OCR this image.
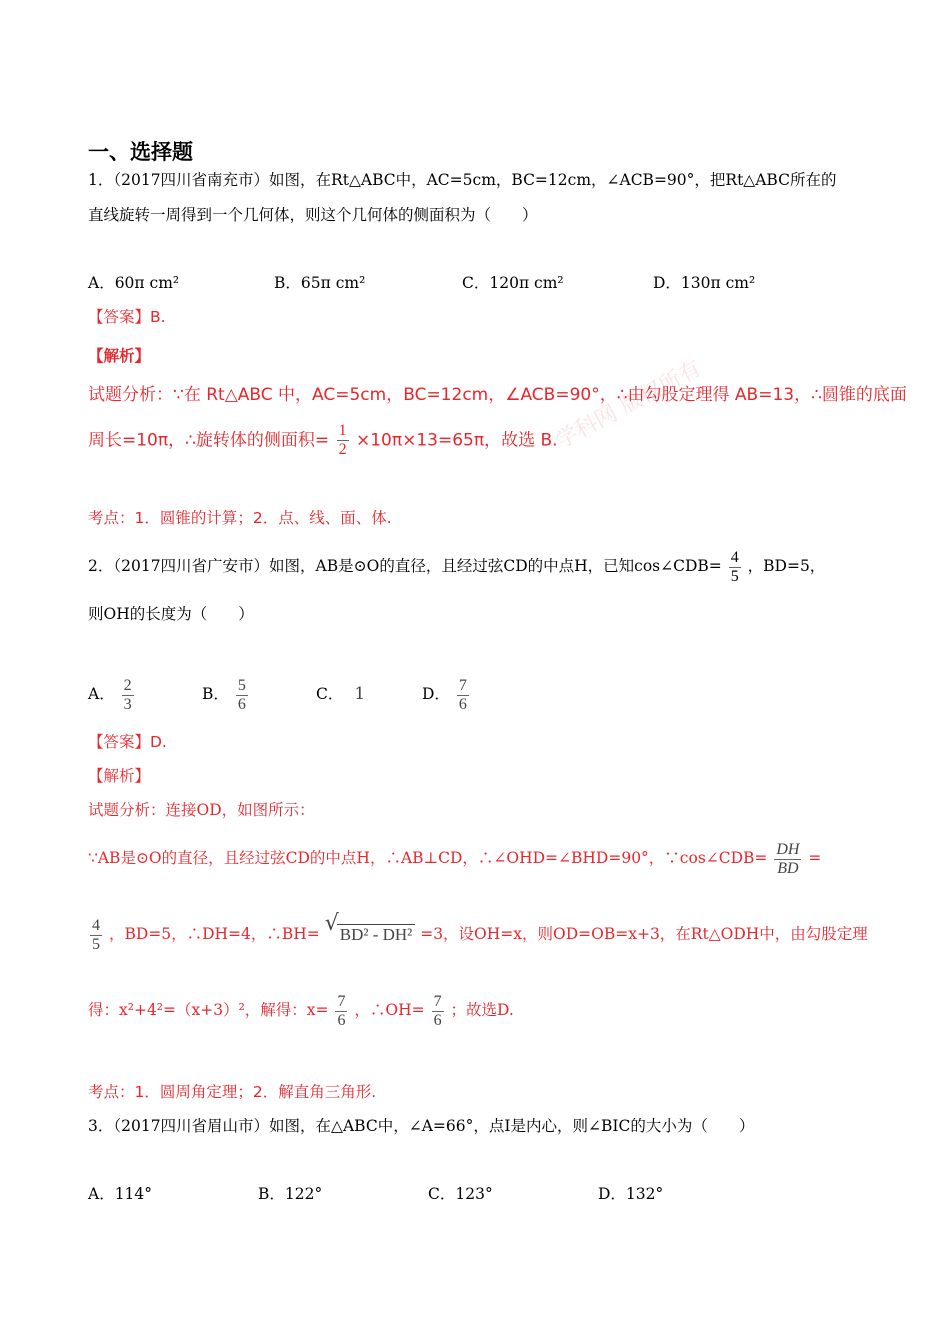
学科网 版权所有
一、选择题
1．（2017四川省南充市）如图，在Rt△ABC中，AC=5cm，BC=12cm，∠ACB=90°，把Rt△ABC所在的
直线旋转一周得到一个几何体，则这个几何体的侧面积为（　　）
A．60π cm²	B．65π cm²	C．120π cm²	D．130π cm²
【答案】B.
【解析】
试题分析：∵在 Rt△ABC 中，AC=5cm，BC=12cm，∠ACB=90°，∴由勾股定理得 AB=13，∴圆锥的底面
周长=10π，∴旋转体的侧面积= $\frac{1}{2} \times 10\pi\times 13=65\pi$，故选 B.
考点：1．圆锥的计算；2．点、线、面、体.
2．（2017四川省广安市）如图，AB是⊙O的直径，且经过弦CD的中点H，已知cos∠CDB= $\frac{4}{5}$ ，BD=5，
则OH的长度为（　　）
A． $\frac{2}{3}$	B． $\frac{5}{6}$	C． 1	D． $\frac{7}{6}$
【答案】D.
【解析】
试题分析：连接OD，如图所示：
∵AB是⊙O的直径，且经过弦CD的中点H，∴AB⊥CD，∴∠OHD=∠BHD=90°，∵cos∠CDB= $\frac{DH}{BD}$ =
$\frac{4}{5}$ ，BD=5，∴DH=4，∴BH= √ BD² - DH² =3，设OH=x，则OD=OB=x+3，在Rt△ODH中，由勾股定理
得：x²+4²=（x+3）²，解得：$x= \frac{7}{6}$ ，∴OH= $\frac{7}{6}$ ；故选D.
考点：1．圆周角定理；2．解直角三角形.
3．（2017四川省眉山市）如图，在△ABC中，∠A=66°，点I是内心，则∠BIC的大小为（　　）
A．114°	B．122°	C．123°	D．132°
